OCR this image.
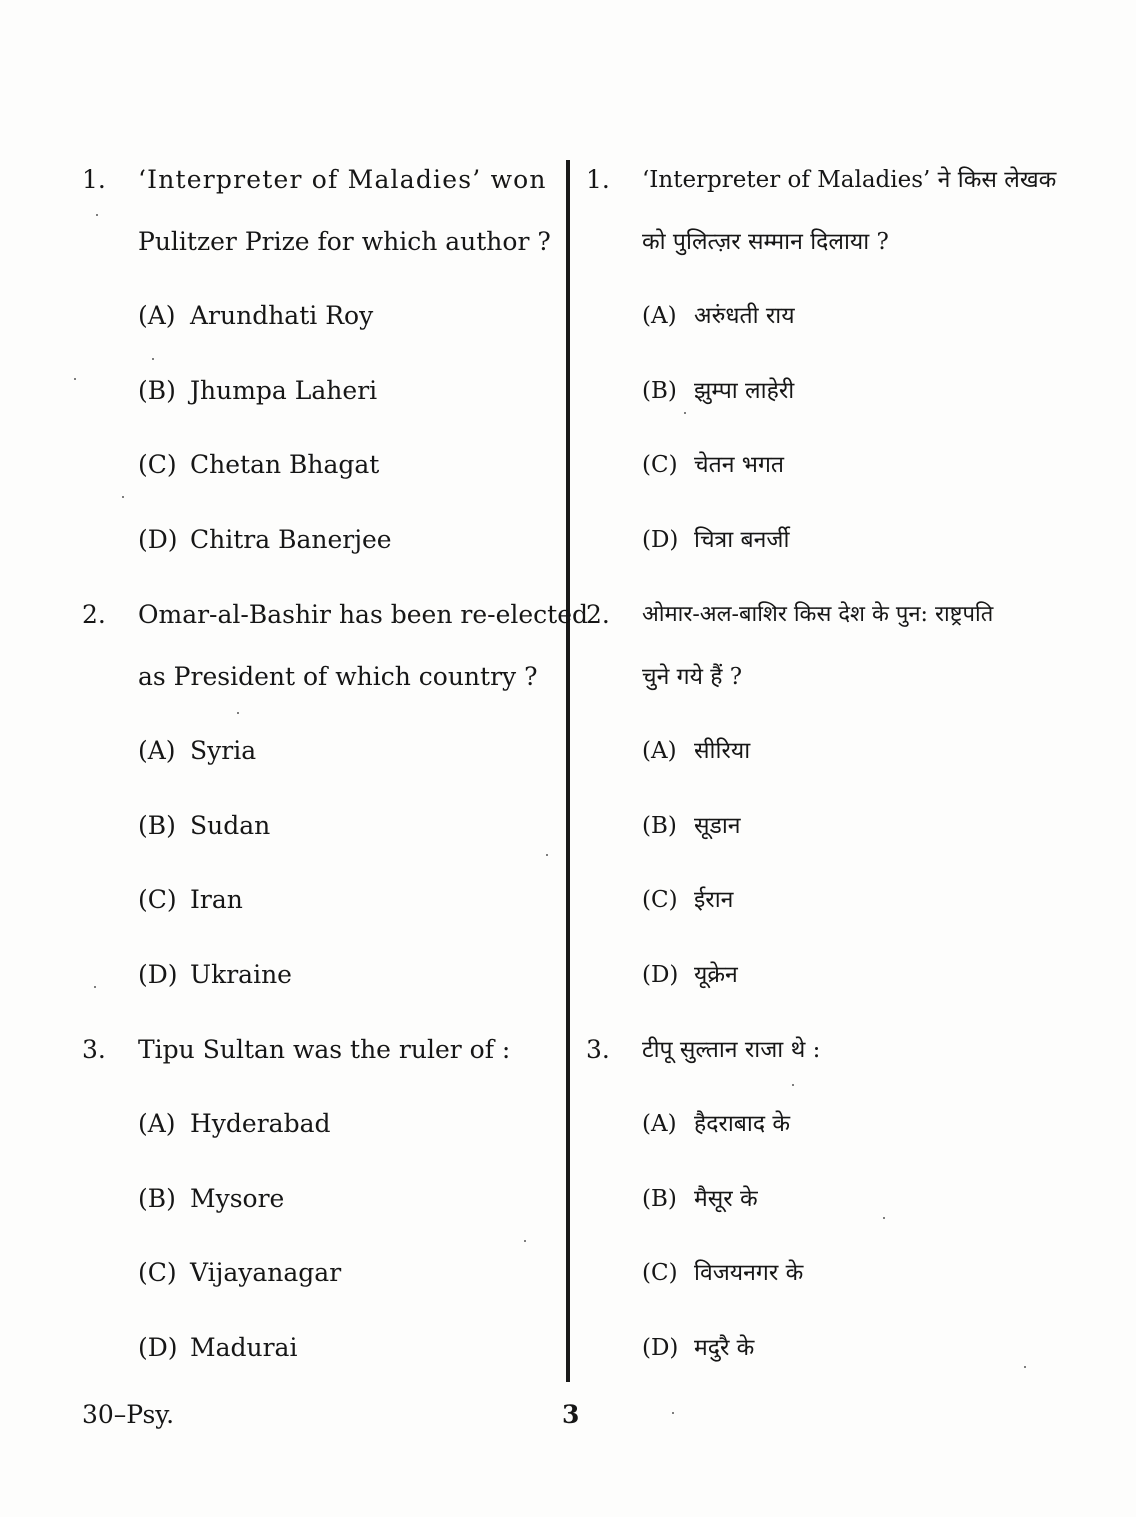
1. ‘Interpreter of Maladies’ won
Pulitzer Prize for which author ?
(A) Arundhati Roy
(B) Jhumpa Laheri
(C) Chetan Bhagat
(D) Chitra Banerjee
1. ‘Interpreter of Maladies’ ने किस लेखक
को पुलित्ज़र सम्मान दिलाया ?
(A) अरुंधती राय
(B) झुम्पा लाहेरी
(C) चेतन भगत
(D) चित्रा बनर्जी
2. Omar-al-Bashir has been re-elected
as President of which country ?
(A) Syria
(B) Sudan
(C) Iran
(D) Ukraine
2. ओमार-अल-बाशिर किस देश के पुन: राष्ट्रपति
चुने गये हैं ?
(A) सीरिया
(B) सूडान
(C) ईरान
(D) यूक्रेन
3. Tipu Sultan was the ruler of :
(A) Hyderabad
(B) Mysore
(C) Vijayanagar
(D) Madurai
3. टीपू सुल्तान राजा थे :
(A) हैदराबाद के
(B) मैसूर के
(C) विजयनगर के
(D) मदुरै के
30–Psy.	3
